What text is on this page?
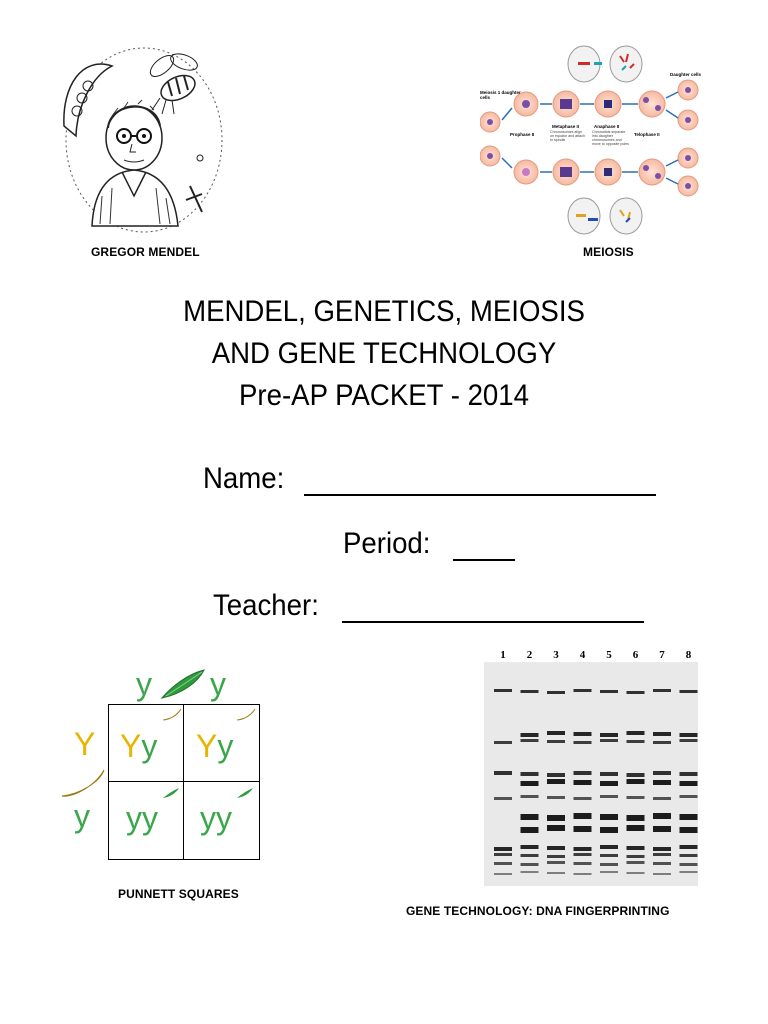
GREGOR MENDEL
Meiosis 1 daughter cells
Prophase II
Metaphase II
Chromosomes align on equator and attach to spindle
Anaphase II
Chromatids separate into daughter chromosomes and move to opposite poles
Telophase II
Daughter cells
MEIOSIS
MENDEL, GENETICS, MEIOSIS
AND GENE TECHNOLOGY
Pre-AP PACKET - 2014
Name:
Period:
Teacher:
y y
Y
y
Yy Yy
yy yy
PUNNETT SQUARES
1 2 3 4 5 6 7 8
GENE TECHNOLOGY: DNA FINGERPRINTING
